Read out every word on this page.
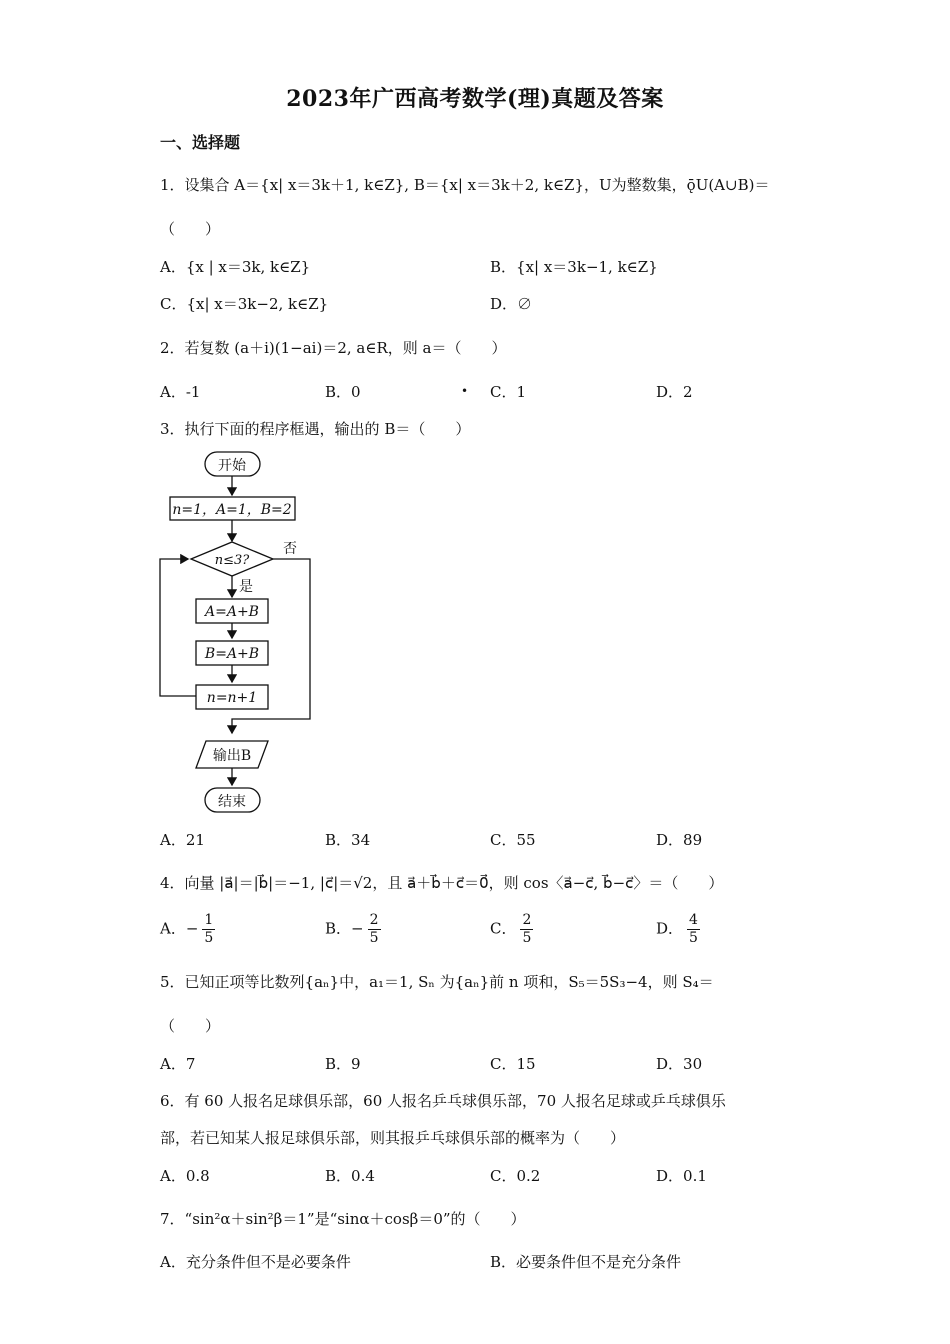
2023年广西高考数学(理)真题及答案
一、选择题
1．设集合 A＝{x| x＝3k＋1, k∈Z}, B＝{x| x＝3k＋2, k∈Z}，U为整数集，ǭU(A∪B)＝
（　　）
A．{x | x＝3k, k∈Z}	B．{x| x＝3k−1, k∈Z}
C．{x| x＝3k−2, k∈Z}	D．∅
2．若复数 (a＋i)(1−ai)＝2, a∈R，则 a＝（　　）
A．-1	B．0	• C．1	D．2
3．执行下面的程序框遇，输出的 B＝（　　）
开始
n=1，A=1，B=2
n≤3?
否
是
A=A+B
B=A+B
n=n+1
输出B
结束
A．21	B．34	C．55	D．89
4．向量 |a⃗|＝|b⃗|＝−1, |c⃗|＝√2，且 a⃗＋b⃗＋c⃗＝0⃗，则 cos〈a⃗−c⃗, b⃗−c⃗〉＝（　　）
A．− $\frac{1}{5}$	B．− $\frac{2}{5}$	C． $\frac{2}{5}$	D． $\frac{4}{5}$
5．已知正项等比数列{aₙ}中，a₁＝1, Sₙ 为{aₙ}前 n 项和，S₅＝5S₃−4，则 S₄＝
（　　）
A．7	B．9	C．15	D．30
6．有 60 人报名足球俱乐部，60 人报名乒乓球俱乐部，70 人报名足球或乒乓球俱乐
部，若已知某人报足球俱乐部，则其报乒乓球俱乐部的概率为（　　）
A．0.8	B．0.4	C．0.2	D．0.1
7．“sin²α＋sin²β＝1”是“sinα＋cosβ＝0”的（　　）
A．充分条件但不是必要条件	B．必要条件但不是充分条件
